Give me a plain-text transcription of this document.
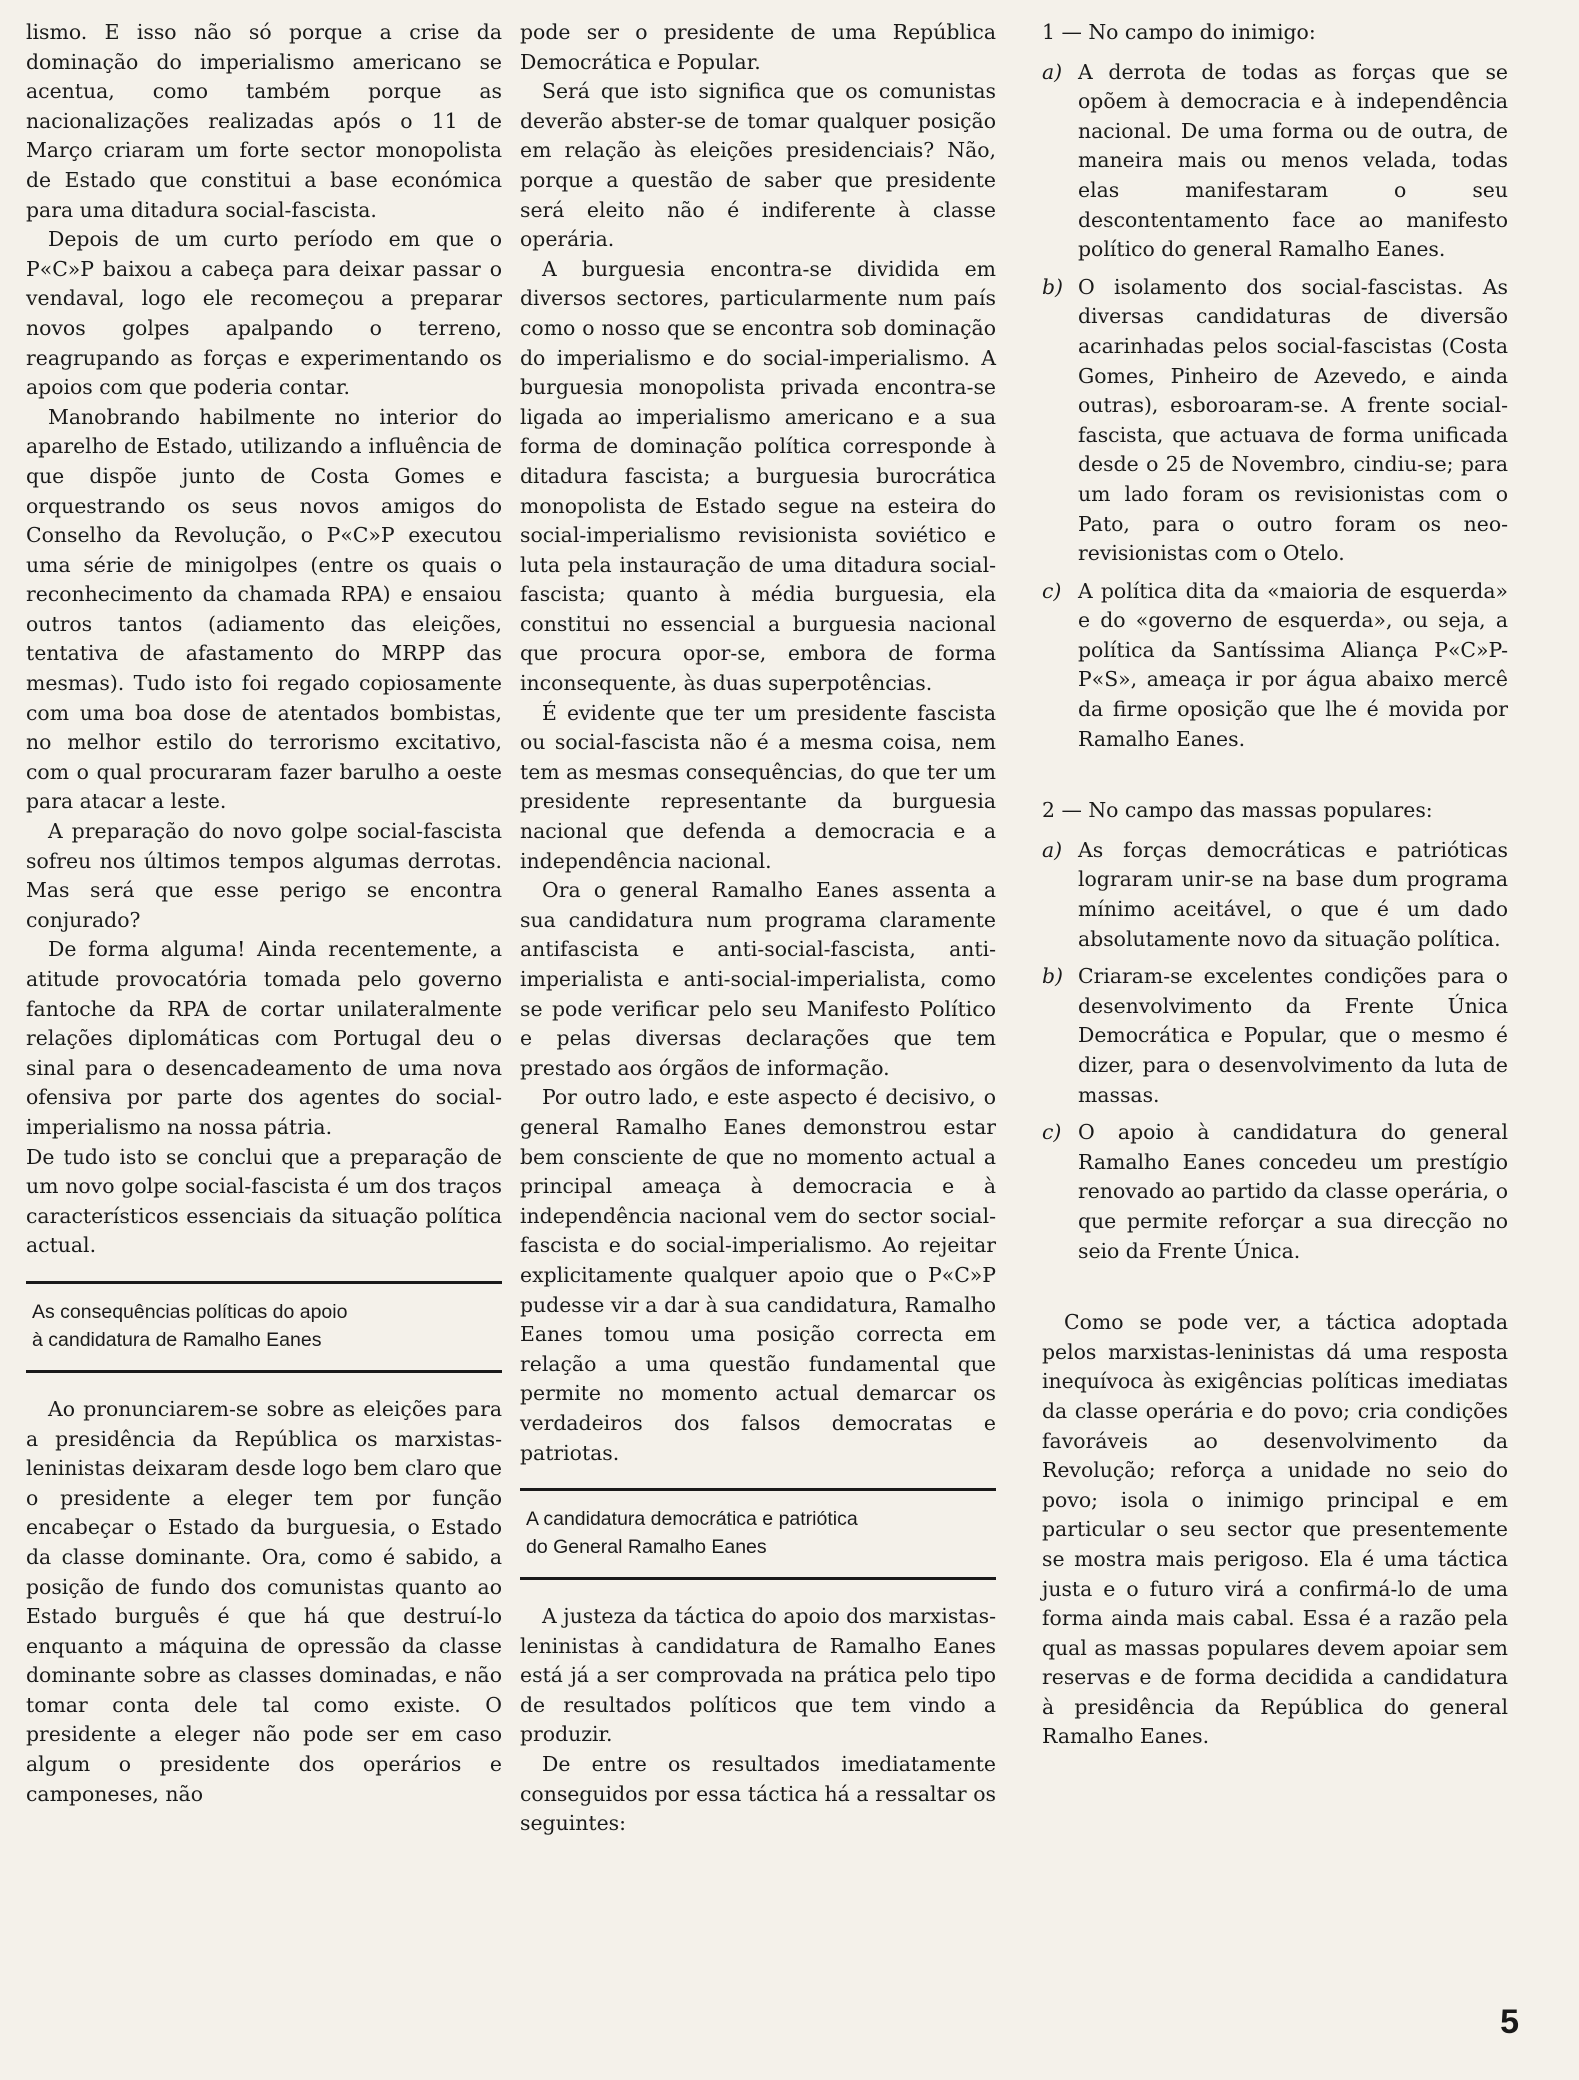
lismo. E isso não só porque a crise da dominação do imperialismo americano se acentua, como também porque as nacionalizações realizadas após o 11 de Março criaram um forte sector monopolista de Estado que constitui a base económica para uma ditadura social-fascista.

Depois de um curto período em que o P«C»P baixou a cabeça para deixar passar o vendaval, logo ele recomeçou a preparar novos golpes apalpando o terreno, reagrupando as forças e experimentando os apoios com que poderia contar.

Manobrando habilmente no interior do aparelho de Estado, utilizando a influência de que dispõe junto de Costa Gomes e orquestrando os seus novos amigos do Conselho da Revolução, o P«C»P executou uma série de minigolpes (entre os quais o reconhecimento da chamada RPA) e ensaiou outros tantos (adiamento das eleições, tentativa de afastamento do MRPP das mesmas). Tudo isto foi regado copiosamente com uma boa dose de atentados bombistas, no melhor estilo do terrorismo excitativo, com o qual procuraram fazer barulho a oeste para atacar a leste.

A preparação do novo golpe social-fascista sofreu nos últimos tempos algumas derrotas. Mas será que esse perigo se encontra conjurado?

De forma alguma! Ainda recentemente, a atitude provocatória tomada pelo governo fantoche da RPA de cortar unilateralmente relações diplomáticas com Portugal deu o sinal para o desencadeamento de uma nova ofensiva por parte dos agentes do social-imperialismo na nossa pátria.

De tudo isto se conclui que a preparação de um novo golpe social-fascista é um dos traços característicos essenciais da situação política actual.

As consequências políticas do apoio
à candidatura de Ramalho Eanes

Ao pronunciarem-se sobre as eleições para a presidência da República os marxistas-leninistas deixaram desde logo bem claro que o presidente a eleger tem por função encabeçar o Estado da burguesia, o Estado da classe dominante. Ora, como é sabido, a posição de fundo dos comunistas quanto ao Estado burguês é que há que destruí-lo enquanto a máquina de opressão da classe dominante sobre as classes dominadas, e não tomar conta dele tal como existe. O presidente a eleger não pode ser em caso algum o presidente dos operários e camponeses, não

pode ser o presidente de uma República Democrática e Popular.

Será que isto significa que os comunistas deverão abster-se de tomar qualquer posição em relação às eleições presidenciais? Não, porque a questão de saber que presidente será eleito não é indiferente à classe operária.

A burguesia encontra-se dividida em diversos sectores, particularmente num país como o nosso que se encontra sob dominação do imperialismo e do social-imperialismo. A burguesia monopolista privada encontra-se ligada ao imperialismo americano e a sua forma de dominação política corresponde à ditadura fascista; a burguesia burocrática monopolista de Estado segue na esteira do social-imperialismo revisionista soviético e luta pela instauração de uma ditadura social-fascista; quanto à média burguesia, ela constitui no essencial a burguesia nacional que procura opor-se, embora de forma inconsequente, às duas superpotências.

É evidente que ter um presidente fascista ou social-fascista não é a mesma coisa, nem tem as mesmas consequências, do que ter um presidente representante da burguesia nacional que defenda a democracia e a independência nacional.

Ora o general Ramalho Eanes assenta a sua candidatura num programa claramente antifascista e anti-social-fascista, anti-imperialista e anti-social-imperialista, como se pode verificar pelo seu Manifesto Político e pelas diversas declarações que tem prestado aos órgãos de informação.

Por outro lado, e este aspecto é decisivo, o general Ramalho Eanes demonstrou estar bem consciente de que no momento actual a principal ameaça à democracia e à independência nacional vem do sector social-fascista e do social-imperialismo. Ao rejeitar explicitamente qualquer apoio que o P«C»P pudesse vir a dar à sua candidatura, Ramalho Eanes tomou uma posição correcta em relação a uma questão fundamental que permite no momento actual demarcar os verdadeiros dos falsos democratas e patriotas.

A candidatura democrática e patriótica
do General Ramalho Eanes

A justeza da táctica do apoio dos marxistas-leninistas à candidatura de Ramalho Eanes está já a ser comprovada na prática pelo tipo de resultados políticos que tem vindo a produzir.

De entre os resultados imediatamente conseguidos por essa táctica há a ressaltar os seguintes:

1 — No campo do inimigo:

a) A derrota de todas as forças que se opõem à democracia e à independência nacional. De uma forma ou de outra, de maneira mais ou menos velada, todas elas manifestaram o seu descontentamento face ao manifesto político do general Ramalho Eanes.

b) O isolamento dos social-fascistas. As diversas candidaturas de diversão acarinhadas pelos social-fascistas (Costa Gomes, Pinheiro de Azevedo, e ainda outras), esboroaram-se. A frente social-fascista, que actuava de forma unificada desde o 25 de Novembro, cindiu-se; para um lado foram os revisionistas com o Pato, para o outro foram os neo-revisionistas com o Otelo.

c) A política dita da «maioria de esquerda» e do «governo de esquerda», ou seja, a política da Santíssima Aliança P«C»P-P«S», ameaça ir por água abaixo mercê da firme oposição que lhe é movida por Ramalho Eanes.

2 — No campo das massas populares:

a) As forças democráticas e patrióticas lograram unir-se na base dum programa mínimo aceitável, o que é um dado absolutamente novo da situação política.

b) Criaram-se excelentes condições para o desenvolvimento da Frente Única Democrática e Popular, que o mesmo é dizer, para o desenvolvimento da luta de massas.

c) O apoio à candidatura do general Ramalho Eanes concedeu um prestígio renovado ao partido da classe operária, o que permite reforçar a sua direcção no seio da Frente Única.

Como se pode ver, a táctica adoptada pelos marxistas-leninistas dá uma resposta inequívoca às exigências políticas imediatas da classe operária e do povo; cria condições favoráveis ao desenvolvimento da Revolução; reforça a unidade no seio do povo; isola o inimigo principal e em particular o seu sector que presentemente se mostra mais perigoso. Ela é uma táctica justa e o futuro virá a confirmá-lo de uma forma ainda mais cabal. Essa é a razão pela qual as massas populares devem apoiar sem reservas e de forma decidida a candidatura à presidência da República do general Ramalho Eanes.

5
